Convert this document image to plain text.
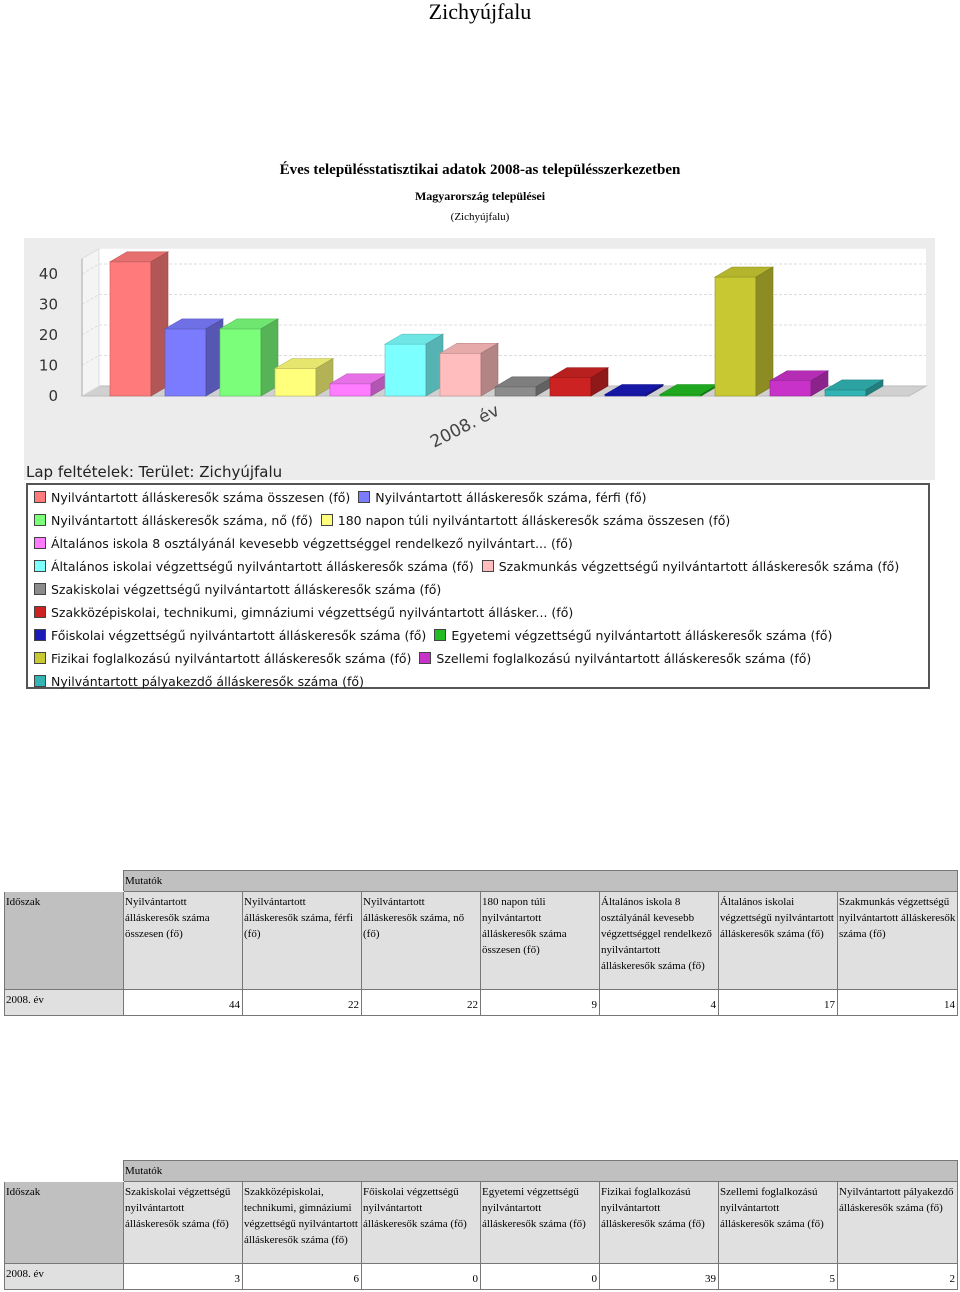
Zichyújfalu
Éves településstatisztikai adatok 2008-as településszerkezetben
Magyarország települései
(Zichyújfalu)
0
10
20
30
40
2008. év
Lap feltételek: Terület: Zichyújfalu
Nyilvántartott álláskeresők száma összesen (fő) Nyilvántartott álláskeresők száma, férfi (fő)
Nyilvántartott álláskeresők száma, nő (fő) 180 napon túli nyilvántartott álláskeresők száma összesen (fő)
Általános iskola 8 osztályánál kevesebb végzettséggel rendelkező nyilvántart... (fő)
Általános iskolai végzettségű nyilvántartott álláskeresők száma (fő) Szakmunkás végzettségű nyilvántartott álláskeresők száma (fő)
Szakiskolai végzettségű nyilvántartott álláskeresők száma (fő)
Szakközépiskolai, technikumi, gimnáziumi végzettségű nyilvántartott állásker... (fő)
Főiskolai végzettségű nyilvántartott álláskeresők száma (fő) Egyetemi végzettségű nyilvántartott álláskeresők száma (fő)
Fizikai foglalkozású nyilvántartott álláskeresők száma (fő) Szellemi foglalkozású nyilvántartott álláskeresők száma (fő)
Nyilvántartott pályakezdő álláskeresők száma (fő)
	Mutatók						
Időszak	Nyilvántartott álláskeresők száma összesen (fő)	Nyilvántartott álláskeresők száma, férfi (fő)	Nyilvántartott álláskeresők száma, nő (fő)	180 napon túli nyilvántartott álláskeresők száma összesen (fő)	Általános iskola 8 osztályánál kevesebb végzettséggel rendelkező nyilvántartott álláskeresők száma (fő)	Általános iskolai végzettségű nyilvántartott álláskeresők száma (fő)	Szakmunkás végzettségű nyilvántartott álláskeresők száma (fő)
2008. év	44	22	22	9	4	17	14
	Mutatók						
Időszak	Szakiskolai végzettségű nyilvántartott álláskeresők száma (fő)	Szakközépiskolai, technikumi, gimnáziumi végzettségű nyilvántartott álláskeresők száma (fő)	Főiskolai végzettségű nyilvántartott álláskeresők száma (fő)	Egyetemi végzettségű nyilvántartott álláskeresők száma (fő)	Fizikai foglalkozású nyilvántartott álláskeresők száma (fő)	Szellemi foglalkozású nyilvántartott álláskeresők száma (fő)	Nyilvántartott pályakezdő álláskeresők száma (fő)
2008. év	3	6	0	0	39	5	2
